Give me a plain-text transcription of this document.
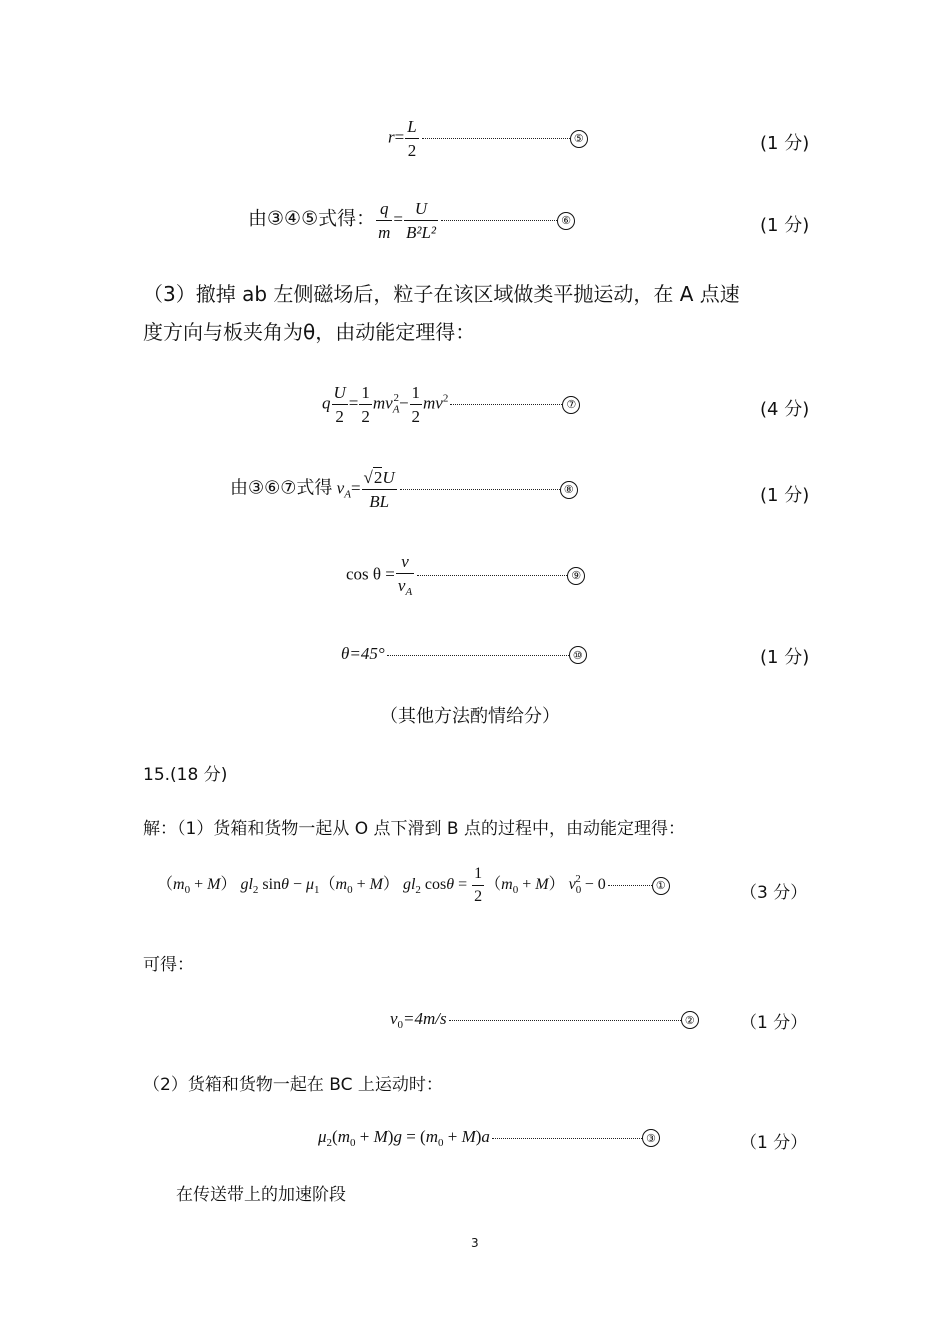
$r= \frac{L}{2}$	⑤	(1 分)
由③④⑤式得： $\frac{q}{m} = \frac{U}{\text{B²L²}}$	⑥	(1 分)
（3）撤掉 ab 左侧磁场后，粒子在该区域做类平抛运动，在 A 点速
度方向与板夹角为θ，由动能定理得：
q $\frac{U}{2} = \frac{1}{2} mv_A^2- \frac{1}{2} mv^2$	⑦	(4 分)
由③⑥⑦式得 $v_A= \frac{√2U}{BL}$	⑧	(1 分)
$\cos \theta = \frac{v}{v_A}$	⑨
θ=45°	⑩	(1 分)
（其他方法酌情给分）
15.(18 分)
解：（1）货箱和货物一起从 O 点下滑到 B 点的过程中，由动能定理得：
$(m_0 + M)$ $gl_2$ $\sin\theta - \mu_1(m_0 + M)$ $gl_2$ $\cos\theta = \frac{1}{2} (m_0 + M) v_0^2 - 0$	①	（3 分）
可得：
$v_0=4m/s$	②	（1 分）
（2）货箱和货物一起在 BC 上运动时：
$\mu_2(m_0 + M)g = (m_0 + M)a$	③	（1 分）
在传送带上的加速阶段
3
